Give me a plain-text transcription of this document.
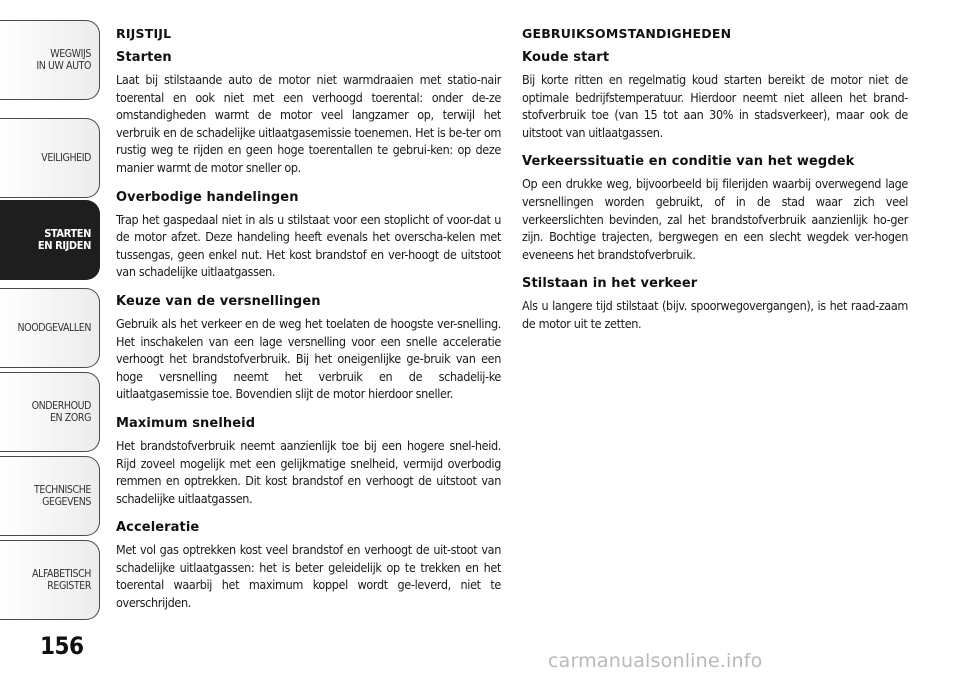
WEGWIJS
IN UW AUTO
VEILIGHEID
STARTEN
EN RIJDEN
NOODGEVALLEN
ONDERHOUD
EN ZORG
TECHNISCHE
GEGEVENS
ALFABETISCH
REGISTER
156
RIJSTIJL
Starten

Laat bij stilstaande auto de motor niet warmdraaien met statio-nair toerental en ook niet met een verhoogd toerental: onder de-ze omstandigheden warmt de motor veel langzamer op, terwijl het verbruik en de schadelijke uitlaatgasemissie toenemen. Het is be-ter om rustig weg te rijden en geen hoge toerentallen te gebrui-ken: op deze manier warmt de motor sneller op.

Overbodige handelingen

Trap het gaspedaal niet in als u stilstaat voor een stoplicht of voor-dat u de motor afzet. Deze handeling heeft evenals het overscha-kelen met tussengas, geen enkel nut. Het kost brandstof en ver-hoogt de uitstoot van schadelijke uitlaatgassen.

Keuze van de versnellingen

Gebruik als het verkeer en de weg het toelaten de hoogste ver-snelling. Het inschakelen van een lage versnelling voor een snelle acceleratie verhoogt het brandstofverbruik. Bij het oneigenlijke ge-bruik van een hoge versnelling neemt het verbruik en de schadelij-ke uitlaatgasemissie toe. Bovendien slijt de motor hierdoor sneller.

Maximum snelheid

Het brandstofverbruik neemt aanzienlijk toe bij een hogere snel-heid. Rijd zoveel mogelijk met een gelijkmatige snelheid, vermijd overbodig remmen en optrekken. Dit kost brandstof en verhoogt de uitstoot van schadelijke uitlaatgassen.

Acceleratie

Met vol gas optrekken kost veel brandstof en verhoogt de uit-stoot van schadelijke uitlaatgassen: het is beter geleidelijk op te trekken en het toerental waarbij het maximum koppel wordt ge-leverd, niet te overschrijden.

GEBRUIKSOMSTANDIGHEDEN
Koude start

Bij korte ritten en regelmatig koud starten bereikt de motor niet de optimale bedrijfstemperatuur. Hierdoor neemt niet alleen het brand-stofverbruik toe (van 15 tot aan 30% in stadsverkeer), maar ook de uitstoot van uitlaatgassen.

Verkeerssituatie en conditie van het wegdek

Op een drukke weg, bijvoorbeeld bij filerijden waarbij overwegend lage versnellingen worden gebruikt, of in de stad waar zich veel verkeerslichten bevinden, zal het brandstofverbruik aanzienlijk ho-ger zijn. Bochtige trajecten, bergwegen en een slecht wegdek ver-hogen eveneens het brandstofverbruik.

Stilstaan in het verkeer

Als u langere tijd stilstaat (bijv. spoorwegovergangen), is het raad-zaam de motor uit te zetten.

carmanualsonline.info
